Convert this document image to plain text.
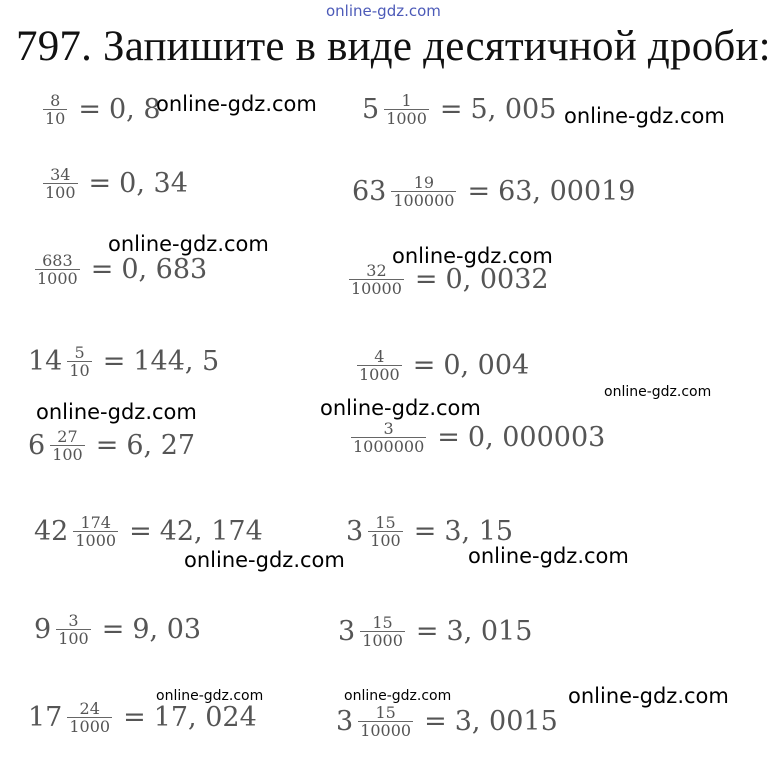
online-gdz.com
797. Запишите в виде десятичной дроби:
$\frac{8}{10} = 0$, 8	$5 \frac{1}{1000} = 5$, 005
$\frac{34}{100} = 0$, 34	$63 \frac{19}{100000} = 63$, 00019
$\frac{683}{1000} = 0$, 683	$\frac{32}{10000} = 0$, 0032
$14 \frac{5}{10} = 144$, 5	$\frac{4}{1000} = 0$, 004
$6 \frac{27}{100} = 6$, 27	$\frac{3}{1000000} = 0$, 000003
$42 \frac{174}{1000} = 42$, 174	$3 \frac{15}{100} = 3$, 15
$9 \frac{3}{100} = 9$, 03	$3 \frac{15}{1000} = 3$, 015
$17 \frac{24}{1000} = 17$, 024	$3 \frac{15}{10000} = 3$, 0015
online-gdz.com	online-gdz.com
online-gdz.com	online-gdz.com
online-gdz.com
online-gdz.com	online-gdz.com
online-gdz.com	online-gdz.com
online-gdz.com	online-gdz.com	online-gdz.com
